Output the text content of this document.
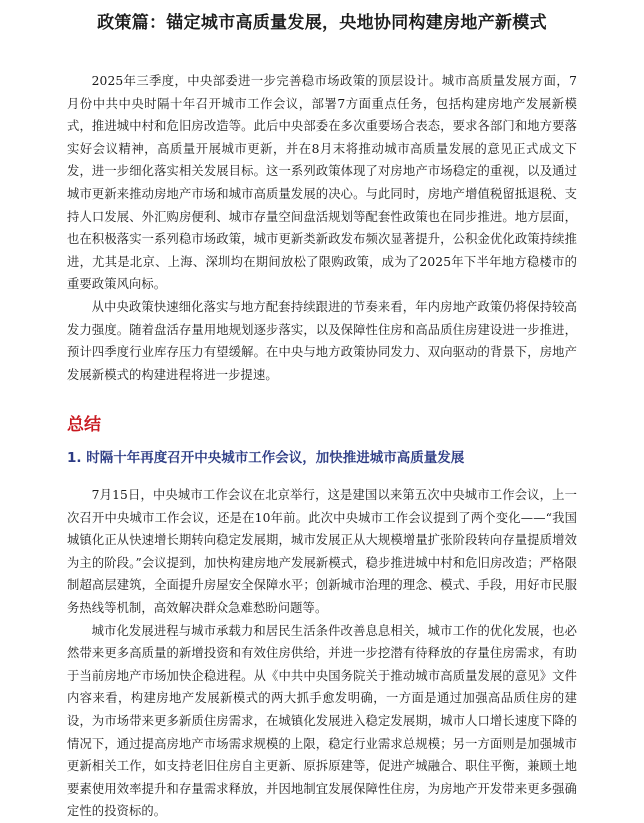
政策篇：锚定城市高质量发展，央地协同构建房地产新模式

2025年三季度，中央部委进一步完善稳市场政策的顶层设计。城市高质量发展方面，7月份中共中央时隔十年召开城市工作会议，部署7方面重点任务，包括构建房地产发展新模式，推进城中村和危旧房改造等。此后中央部委在多次重要场合表态，要求各部门和地方要落实好会议精神，高质量开展城市更新，并在8月末将推动城市高质量发展的意见正式成文下发，进一步细化落实相关发展目标。这一系列政策体现了对房地产市场稳定的重视，以及通过城市更新来推动房地产市场和城市高质量发展的决心。与此同时，房地产增值税留抵退税、支持人口发展、外汇购房便利、城市存量空间盘活规划等配套性政策也在同步推进。地方层面，也在积极落实一系列稳市场政策，城市更新类新政发布频次显著提升，公积金优化政策持续推进，尤其是北京、上海、深圳均在期间放松了限购政策，成为了2025年下半年地方稳楼市的重要政策风向标。

从中央政策快速细化落实与地方配套持续跟进的节奏来看，年内房地产政策仍将保持较高发力强度。随着盘活存量用地规划逐步落实，以及保障性住房和高品质住房建设进一步推进，预计四季度行业库存压力有望缓解。在中央与地方政策协同发力、双向驱动的背景下，房地产发展新模式的构建进程将进一步提速。

总结
1. 时隔十年再度召开中央城市工作会议，加快推进城市高质量发展

7月15日，中央城市工作会议在北京举行，这是建国以来第五次中央城市工作会议，上一次召开中央城市工作会议，还是在10年前。此次中央城市工作会议提到了两个变化——“我国城镇化正从快速增长期转向稳定发展期，城市发展正从大规模增量扩张阶段转向存量提质增效为主的阶段。”会议提到，加快构建房地产发展新模式，稳步推进城中村和危旧房改造；严格限制超高层建筑，全面提升房屋安全保障水平；创新城市治理的理念、模式、手段，用好市民服务热线等机制，高效解决群众急难愁盼问题等。

城市化发展进程与城市承载力和居民生活条件改善息息相关，城市工作的优化发展，也必然带来更多高质量的新增投资和有效住房供给，并进一步挖潜有待释放的存量住房需求，有助于当前房地产市场加快企稳进程。从《中共中央国务院关于推动城市高质量发展的意见》文件内容来看，构建房地产发展新模式的两大抓手愈发明确，一方面是通过加强高品质住房的建设，为市场带来更多新质住房需求，在城镇化发展进入稳定发展期，城市人口增长速度下降的情况下，通过提高房地产市场需求规模的上限，稳定行业需求总规模；另一方面则是加强城市更新相关工作，如支持老旧住房自主更新、原拆原建等，促进产城融合、职住平衡，兼顾土地要素使用效率提升和存量需求释放，并因地制宜发展保障性住房，为房地产开发带来更多强确定性的投资标的。
